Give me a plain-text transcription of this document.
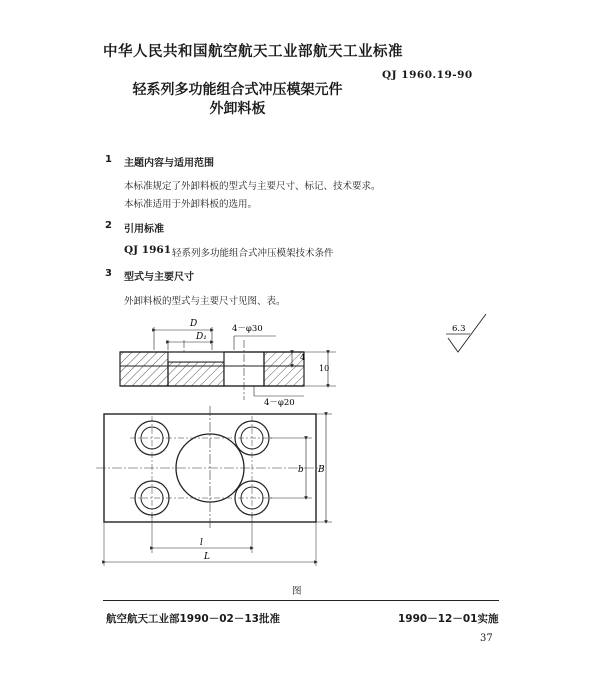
中华人民共和国航空航天工业部航天工业标准
QJ 1960.19-90
轻系列多功能组合式冲压模架元件
外卸料板
1 主题内容与适用范围
本标准规定了外卸料板的型式与主要尺寸、标记、技术要求。
本标准适用于外卸料板的选用。
2 引用标准
QJ 1961 轻系列多功能组合式冲压模架技术条件
3 型式与主要尺寸
外卸料板的型式与主要尺寸见图、表。
D
D₁
4－φ30
4
10
4－φ20
b B
l
L
6.3
图
航空航天工业部1990－02－13批准	1990－12－01实施
37
